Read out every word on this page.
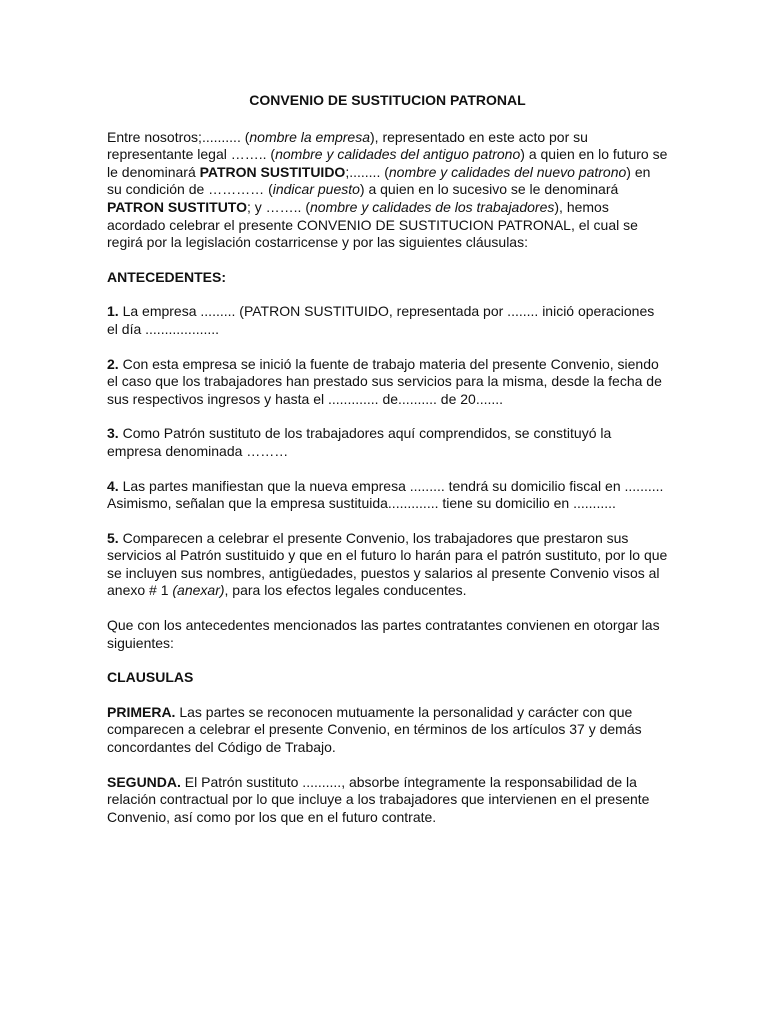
CONVENIO DE SUSTITUCION PATRONAL

Entre nosotros;.......... (nombre la empresa), representado en este acto por su representante legal …….. (nombre y calidades del antiguo patrono) a quien en lo futuro se le denominará PATRON SUSTITUIDO;........ (nombre y calidades del nuevo patrono) en su condición de ………… (indicar puesto) a quien en lo sucesivo se le denominará PATRON SUSTITUTO; y …….. (nombre y calidades de los trabajadores), hemos acordado celebrar el presente CONVENIO DE SUSTITUCION PATRONAL, el cual se regirá por la legislación costarricense y por las siguientes cláusulas:

ANTECEDENTES:

1. La empresa ......... (PATRON SUSTITUIDO, representada por ........ inició operaciones el día ...................

2. Con esta empresa se inició la fuente de trabajo materia del presente Convenio, siendo el caso que los trabajadores han prestado sus servicios para la misma, desde la fecha de sus respectivos ingresos y hasta el ............. de.......... de 20.......

3. Como Patrón sustituto de los trabajadores aquí comprendidos, se constituyó la empresa denominada ………

4. Las partes manifiestan que la nueva empresa ......... tendrá su domicilio fiscal en .......... Asimismo, señalan que la empresa sustituida............. tiene su domicilio en ...........

5. Comparecen a celebrar el presente Convenio, los trabajadores que prestaron sus servicios al Patrón sustituido y que en el futuro lo harán para el patrón sustituto, por lo que se incluyen sus nombres, antigüedades, puestos y salarios al presente Convenio visos al anexo # 1 (anexar), para los efectos legales conducentes.

Que con los antecedentes mencionados las partes contratantes convienen en otorgar las siguientes:

CLAUSULAS

PRIMERA. Las partes se reconocen mutuamente la personalidad y carácter con que comparecen a celebrar el presente Convenio, en términos de los artículos 37 y demás concordantes del Código de Trabajo.

SEGUNDA. El Patrón sustituto .........., absorbe íntegramente la responsabilidad de la relación contractual por lo que incluye a los trabajadores que intervienen en el presente Convenio, así como por los que en el futuro contrate.
